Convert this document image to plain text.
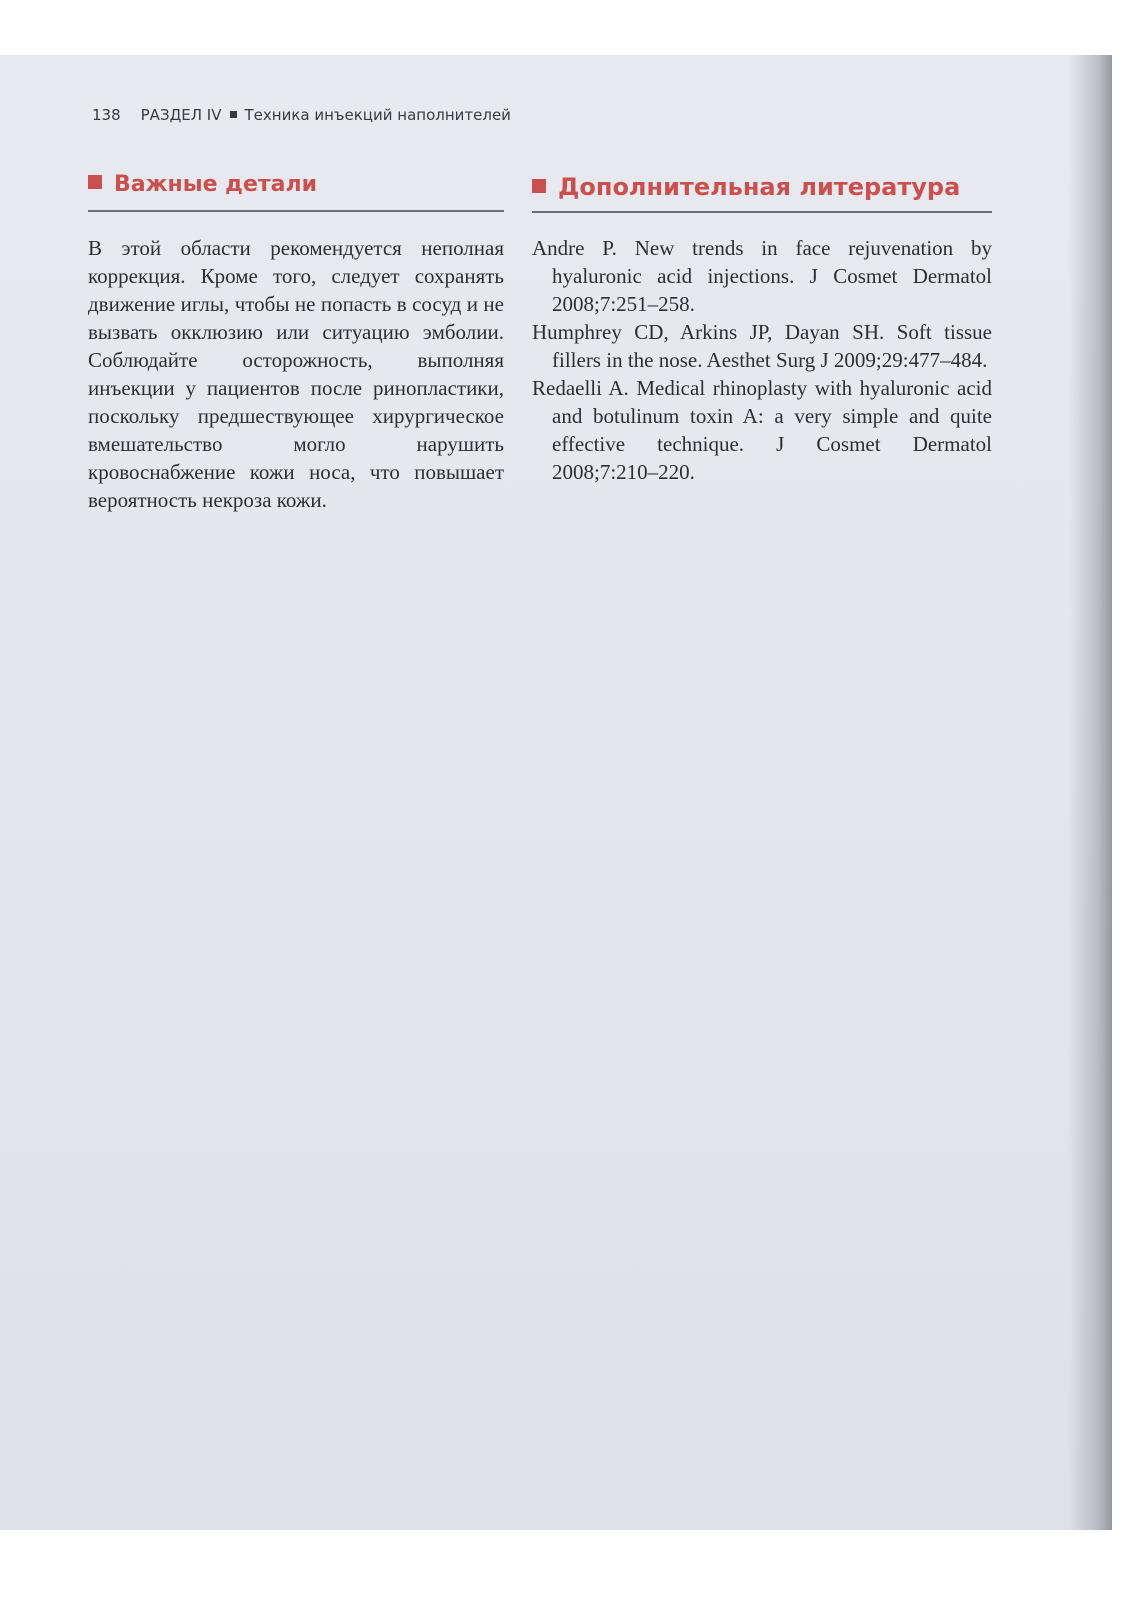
138 РАЗДЕЛ IV Техника инъекций наполнителей
Важные детали	Дополнительная литература
В этой области рекомендуется неполная коррекция. Кроме того, следует сохранять движение иглы, чтобы не попасть в сосуд и не вызвать окклюзию или ситуацию эмболии. Соблюдайте осторожность, выполняя инъекции у пациентов после ринопластики, поскольку предшествующее хирургическое вмешательство могло нарушить кровоснабжение кожи носа, что повышает вероятность некроза кожи.

Andre P. New trends in face rejuvenation by hyaluronic acid injections. J Cosmet Dermatol 2008;7:251–258.

Humphrey CD, Arkins JP, Dayan SH. Soft tissue fillers in the nose. Aesthet Surg J 2009;29:477–484.

Redaelli A. Medical rhinoplasty with hyaluronic acid and botulinum toxin A: a very simple and quite effective technique. J Cosmet Dermatol 2008;7:210–220.
